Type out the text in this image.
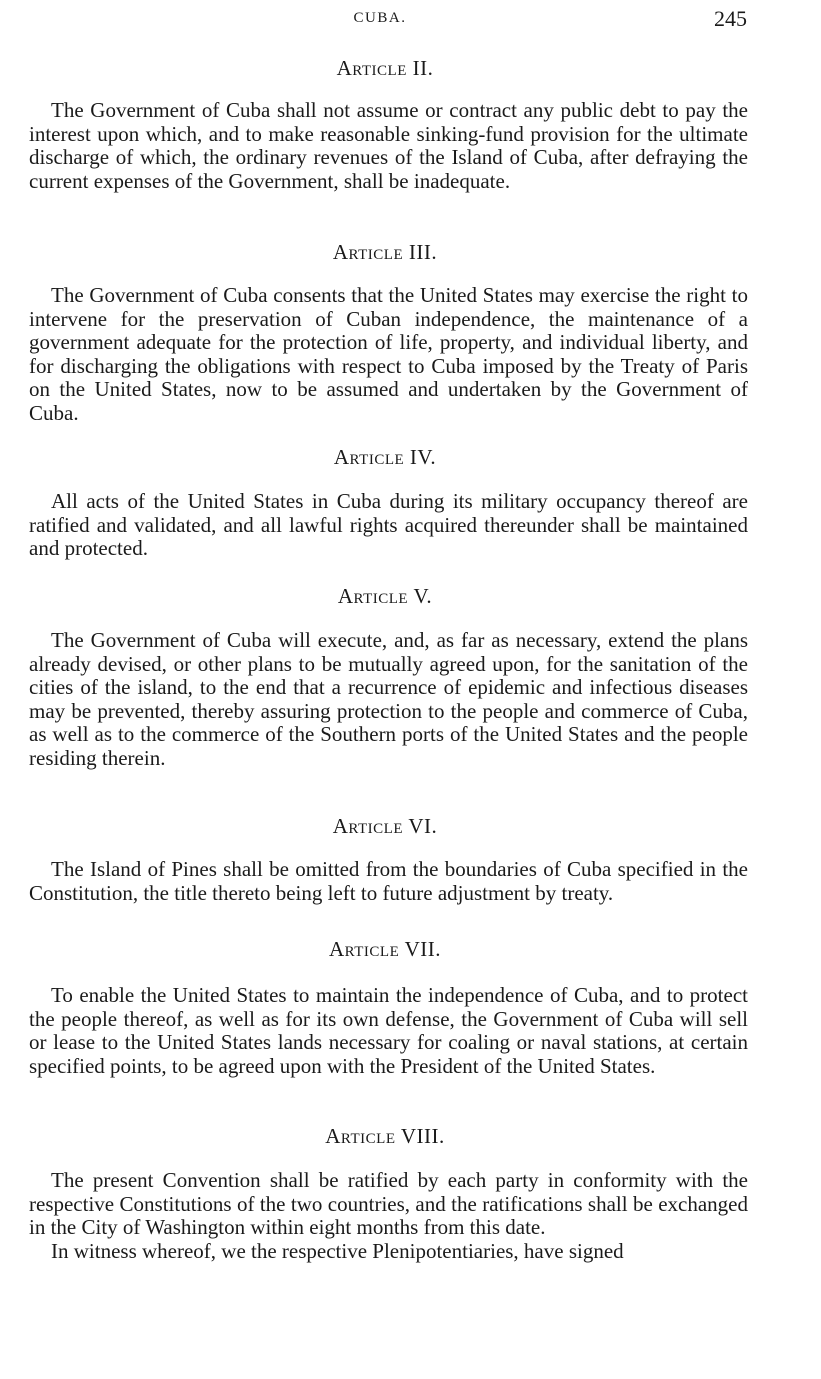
CUBA.	245
Article II.

The Government of Cuba shall not assume or contract any public debt to pay the interest upon which, and to make reasonable sinking-fund provision for the ultimate discharge of which, the ordinary revenues of the Island of Cuba, after defraying the current expenses of the Government, shall be inadequate.

Article III.

The Government of Cuba consents that the United States may exercise the right to intervene for the preservation of Cuban independence, the maintenance of a government adequate for the protection of life, property, and individual liberty, and for discharging the obligations with respect to Cuba imposed by the Treaty of Paris on the United States, now to be assumed and undertaken by the Government of Cuba.

Article IV.

All acts of the United States in Cuba during its military occupancy thereof are ratified and validated, and all lawful rights acquired thereunder shall be maintained and protected.

Article V.

The Government of Cuba will execute, and, as far as necessary, extend the plans already devised, or other plans to be mutually agreed upon, for the sanitation of the cities of the island, to the end that a recurrence of epidemic and infectious diseases may be prevented, thereby assuring protection to the people and commerce of Cuba, as well as to the commerce of the Southern ports of the United States and the people residing therein.

Article VI.

The Island of Pines shall be omitted from the boundaries of Cuba specified in the Constitution, the title thereto being left to future adjustment by treaty.

Article VII.

To enable the United States to maintain the independence of Cuba, and to protect the people thereof, as well as for its own defense, the Government of Cuba will sell or lease to the United States lands necessary for coaling or naval stations, at certain specified points, to be agreed upon with the President of the United States.

Article VIII.

The present Convention shall be ratified by each party in conformity with the respective Constitutions of the two countries, and the ratifications shall be exchanged in the City of Washington within eight months from this date.

In witness whereof, we the respective Plenipotentiaries, have signed
